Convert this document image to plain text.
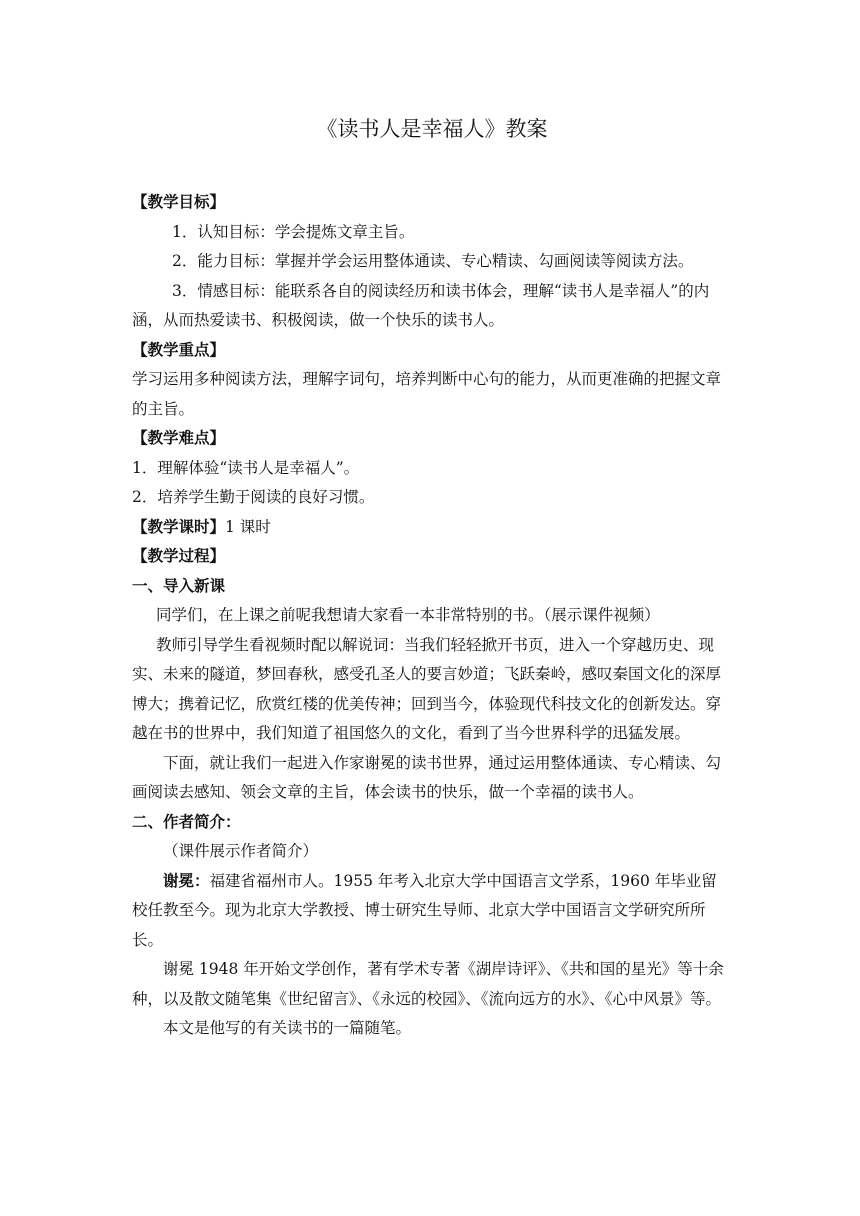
《读书人是幸福人》教案

【教学目标】

1．认知目标：学会提炼文章主旨。

2．能力目标：掌握并学会运用整体通读、专心精读、勾画阅读等阅读方法。

3．情感目标：能联系各自的阅读经历和读书体会，理解“读书人是幸福人”的内涵，从而热爱读书、积极阅读，做一个快乐的读书人。

【教学重点】

学习运用多种阅读方法，理解字词句，培养判断中心句的能力，从而更准确的把握文章的主旨。

【教学难点】

1．理解体验“读书人是幸福人”。

2．培养学生勤于阅读的良好习惯。

【教学课时】1 课时

【教学过程】

一、导入新课

同学们，在上课之前呢我想请大家看一本非常特别的书。（展示课件视频）

教师引导学生看视频时配以解说词：当我们轻轻掀开书页，进入一个穿越历史、现实、未来的隧道，梦回春秋，感受孔圣人的要言妙道；飞跃秦岭，感叹秦国文化的深厚博大；携着记忆，欣赏红楼的优美传神；回到当今，体验现代科技文化的创新发达。穿越在书的世界中，我们知道了祖国悠久的文化，看到了当今世界科学的迅猛发展。

下面，就让我们一起进入作家谢冕的读书世界，通过运用整体通读、专心精读、勾画阅读去感知、领会文章的主旨，体会读书的快乐，做一个幸福的读书人。

二、作者简介：

（课件展示作者简介）

谢冕：福建省福州市人。1955 年考入北京大学中国语言文学系，1960 年毕业留校任教至今。现为北京大学教授、博士研究生导师、北京大学中国语言文学研究所所长。

谢冕 1948 年开始文学创作，著有学术专著《湖岸诗评》、《共和国的星光》等十余种，以及散文随笔集《世纪留言》、《永远的校园》、《流向远方的水》、《心中风景》等。

本文是他写的有关读书的一篇随笔。
